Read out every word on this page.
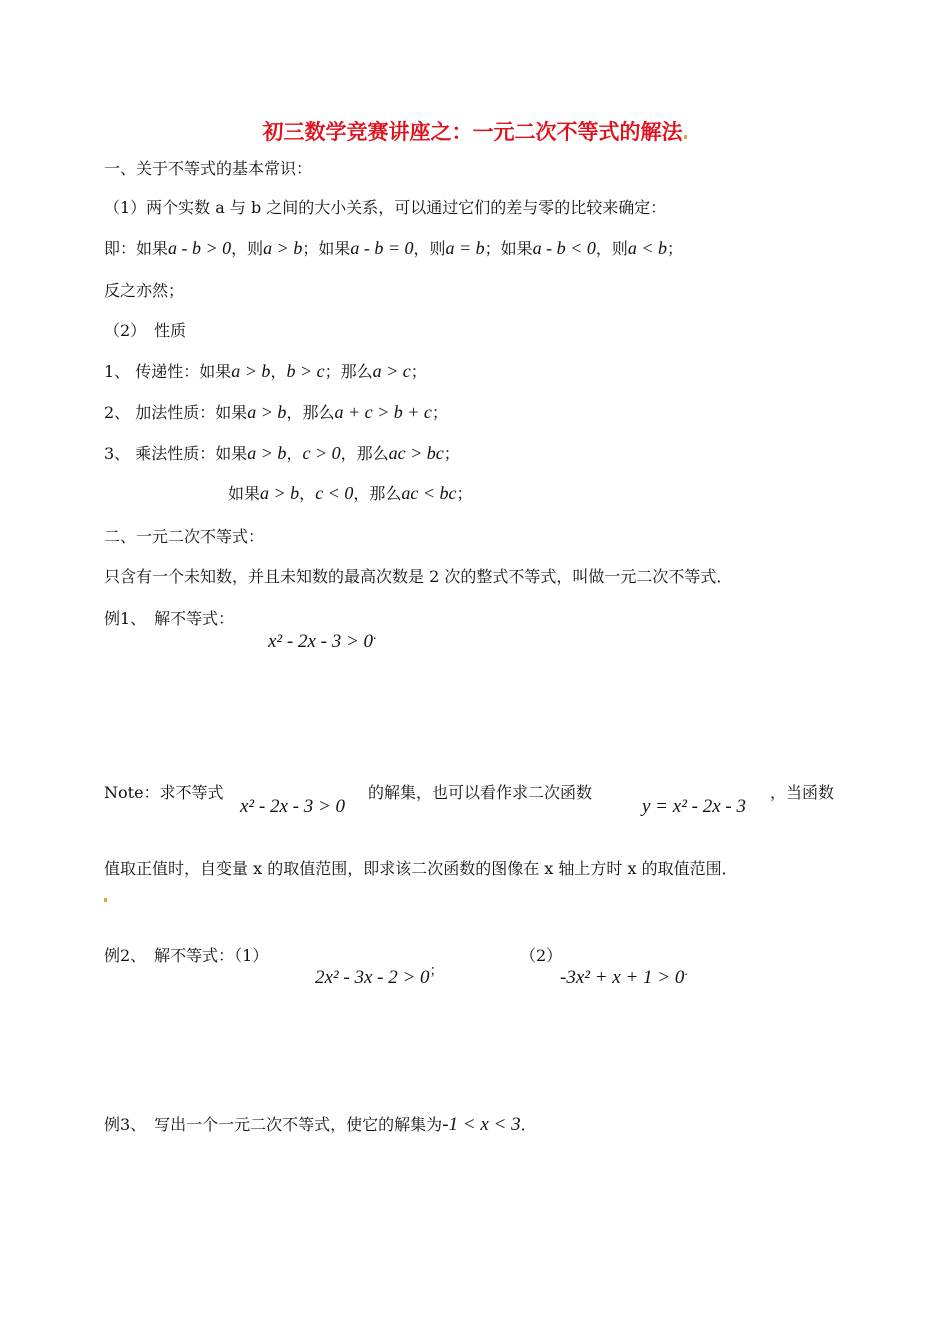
初三数学竞赛讲座之：一元二次不等式的解法
一、关于不等式的基本常识：
（1）两个实数 a 与 b 之间的大小关系，可以通过它们的差与零的比较来确定：
即：如果a - b > 0，则a > b；如果a - b = 0，则a = b；如果a - b < 0，则a < b；
反之亦然；
（2）　性质
1、 传递性：如果a > b，b > c；那么a > c；
2、 加法性质：如果a > b，那么a + c > b + c；
3、 乘法性质：如果a > b，c > 0，那么ac > bc；
如果a > b，c < 0，那么ac < bc；
二、一元二次不等式：
只含有一个未知数，并且未知数的最高次数是 2 次的整式不等式，叫做一元二次不等式．
例1、　解不等式：
x² - 2x - 3 > 0.
Note：求不等式
x² - 2x - 3 > 0
的解集，也可以看作求二次函数
y = x² - 2x - 3
，当函数
值取正值时，自变量 x 的取值范围，即求该二次函数的图像在 x 轴上方时 x 的取值范围．
例2、　解不等式：（1）
2x² - 3x - 2 > 0；
（2）
-3x² + x + 1 > 0.
例3、　写出一个一元二次不等式，使它的解集为-1 < x < 3．
